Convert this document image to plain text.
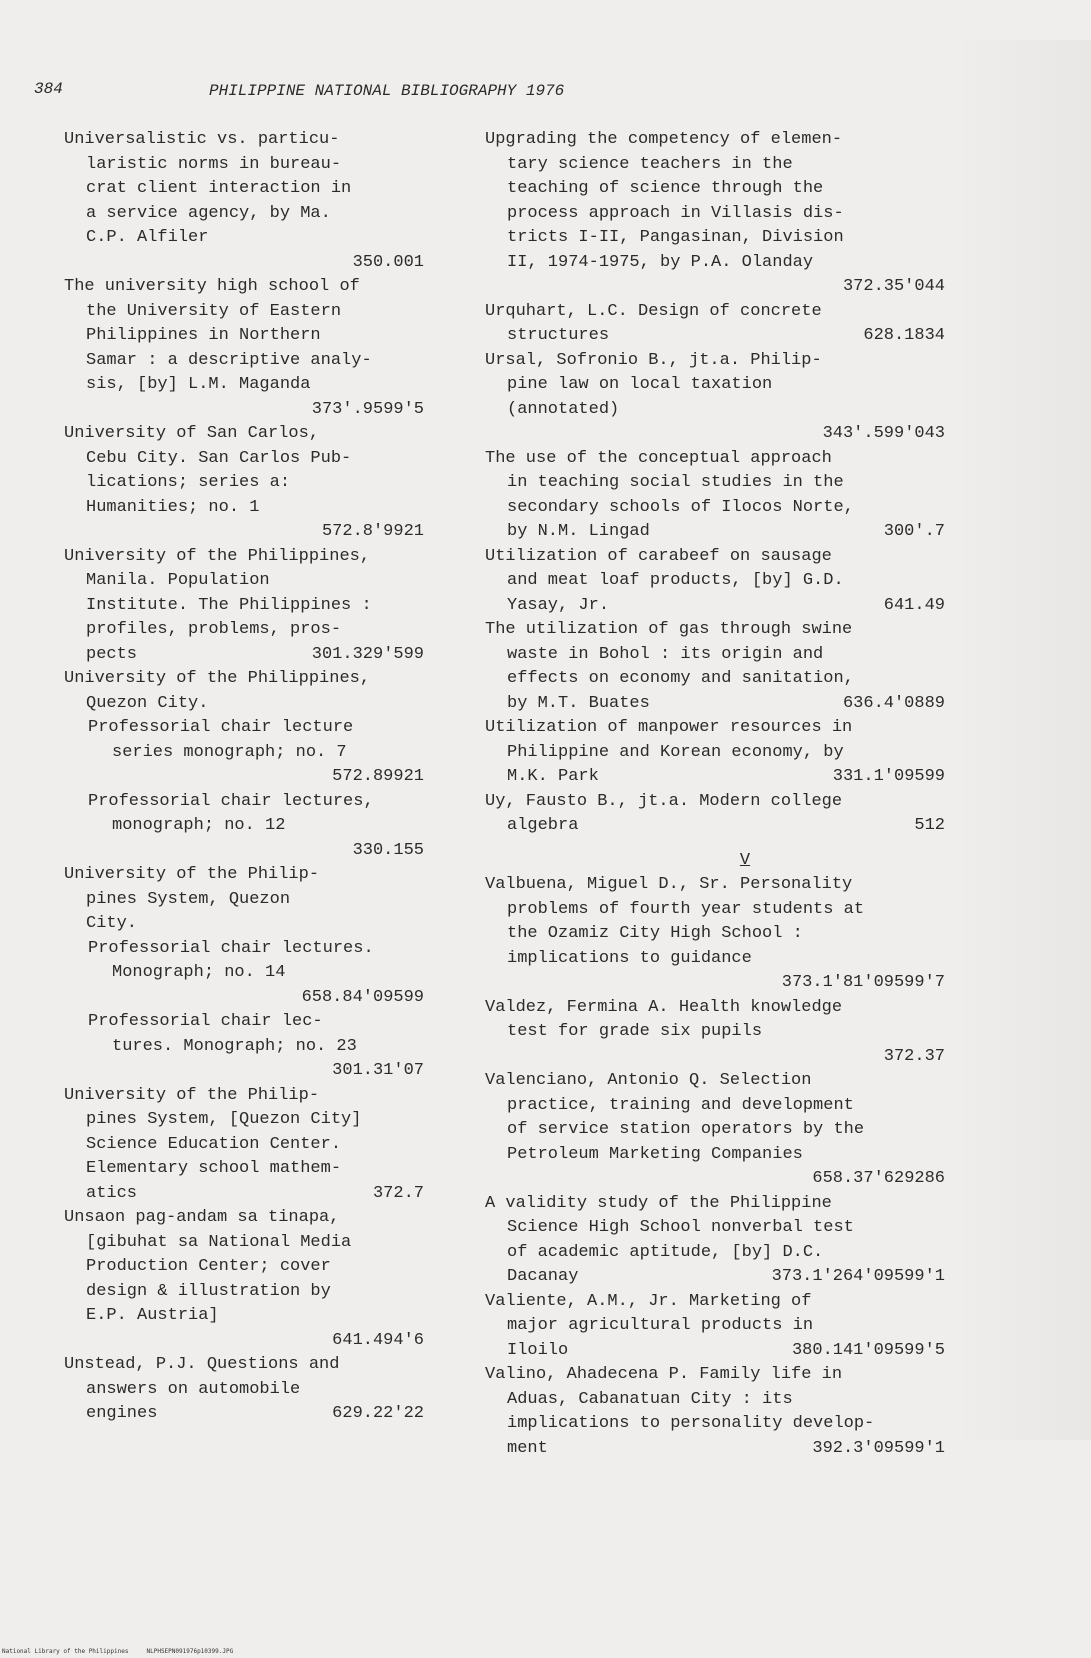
384	PHILIPPINE NATIONAL BIBLIOGRAPHY 1976
Universalistic vs. particu-
laristic norms in bureau-
crat client interaction in
a service agency, by Ma.
C.P. Alfiler
350.001
The university high school of
the University of Eastern
Philippines in Northern
Samar : a descriptive analy-
sis, [by] L.M. Maganda
373'.9599'5
University of San Carlos,
Cebu City. San Carlos Pub-
lications; series a:
Humanities; no. 1
572.8'9921
University of the Philippines,
Manila. Population
Institute. The Philippines :
profiles, problems, pros-
pects	301.329'599
University of the Philippines,
Quezon City.
Professorial chair lecture
series monograph; no. 7
572.89921
Professorial chair lectures,
monograph; no. 12
330.155
University of the Philip-
pines System, Quezon
City.
Professorial chair lectures.
Monograph; no. 14
658.84'09599
Professorial chair lec-
tures. Monograph; no. 23
301.31'07
University of the Philip-
pines System, [Quezon City]
Science Education Center.
Elementary school mathem-
atics	372.7
Unsaon pag-andam sa tinapa,
[gibuhat sa National Media
Production Center; cover
design & illustration by
E.P. Austria]
641.494'6
Unstead, P.J. Questions and
answers on automobile
engines	629.22'22
Upgrading the competency of elemen-
tary science teachers in the
teaching of science through the
process approach in Villasis dis-
tricts I-II, Pangasinan, Division
II, 1974-1975, by P.A. Olanday
372.35'044
Urquhart, L.C. Design of concrete
structures	628.1834
Ursal, Sofronio B., jt.a. Philip-
pine law on local taxation
(annotated)
343'.599'043
The use of the conceptual approach
in teaching social studies in the
secondary schools of Ilocos Norte,
by N.M. Lingad	300'.7
Utilization of carabeef on sausage
and meat loaf products, [by] G.D.
Yasay, Jr.	641.49
The utilization of gas through swine
waste in Bohol : its origin and
effects on economy and sanitation,
by M.T. Buates	636.4'0889
Utilization of manpower resources in
Philippine and Korean economy, by
M.K. Park	331.1'09599
Uy, Fausto B., jt.a. Modern college
algebra	512
V
Valbuena, Miguel D., Sr. Personality
problems of fourth year students at
the Ozamiz City High School :
implications to guidance
373.1'81'09599'7
Valdez, Fermina A. Health knowledge
test for grade six pupils
372.37
Valenciano, Antonio Q. Selection
practice, training and development
of service station operators by the
Petroleum Marketing Companies
658.37'629286
A validity study of the Philippine
Science High School nonverbal test
of academic aptitude, [by] D.C.
Dacanay	373.1'264'09599'1
Valiente, A.M., Jr. Marketing of
major agricultural products in
Iloilo	380.141'09599'5
Valino, Ahadecena P. Family life in
Aduas, Cabanatuan City : its
implications to personality develop-
ment	392.3'09599'1
National Library of the Philippines     NLPHSEPN091976p10399.JPG
